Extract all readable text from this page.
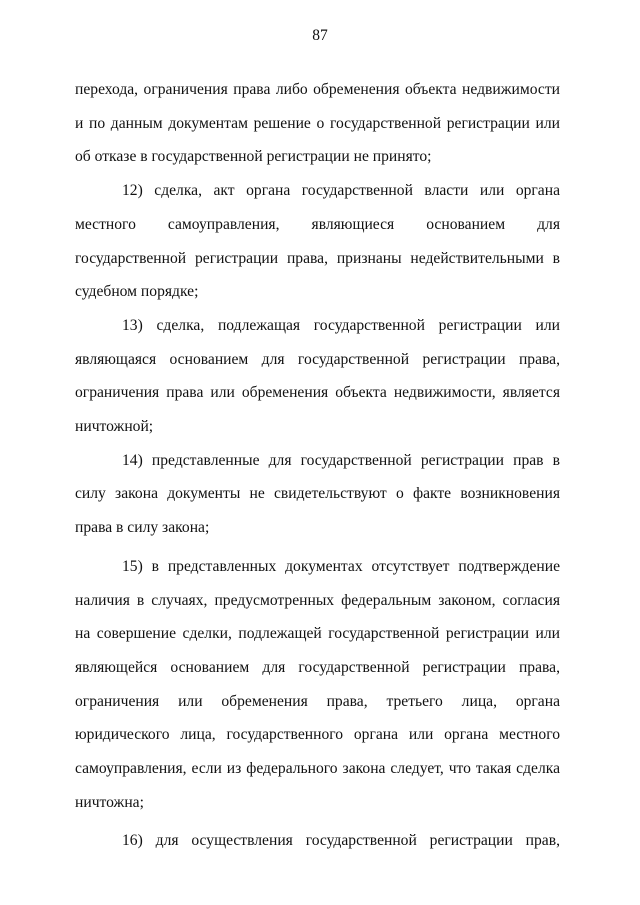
87

перехода, ограничения права либо обременения объекта недвижимости и по данным документам решение о государственной регистрации или об отказе в государственной регистрации не принято;

12) сделка, акт органа государственной власти или органа местного самоуправления, являющиеся основанием для государственной регистрации права, признаны недействительными в судебном порядке;

13) сделка, подлежащая государственной регистрации или являющаяся основанием для государственной регистрации права, ограничения права или обременения объекта недвижимости, является ничтожной;

14) представленные для государственной регистрации прав в силу закона документы не свидетельствуют о факте возникновения права в силу закона;

15) в представленных документах отсутствует подтверждение наличия в случаях, предусмотренных федеральным законом, согласия на совершение сделки, подлежащей государственной регистрации или являющейся основанием для государственной регистрации права, ограничения или обременения права, третьего лица, органа юридического лица, государственного органа или органа местного самоуправления, если из федерального закона следует, что такая сделка ничтожна;

16) для осуществления государственной регистрации прав,
